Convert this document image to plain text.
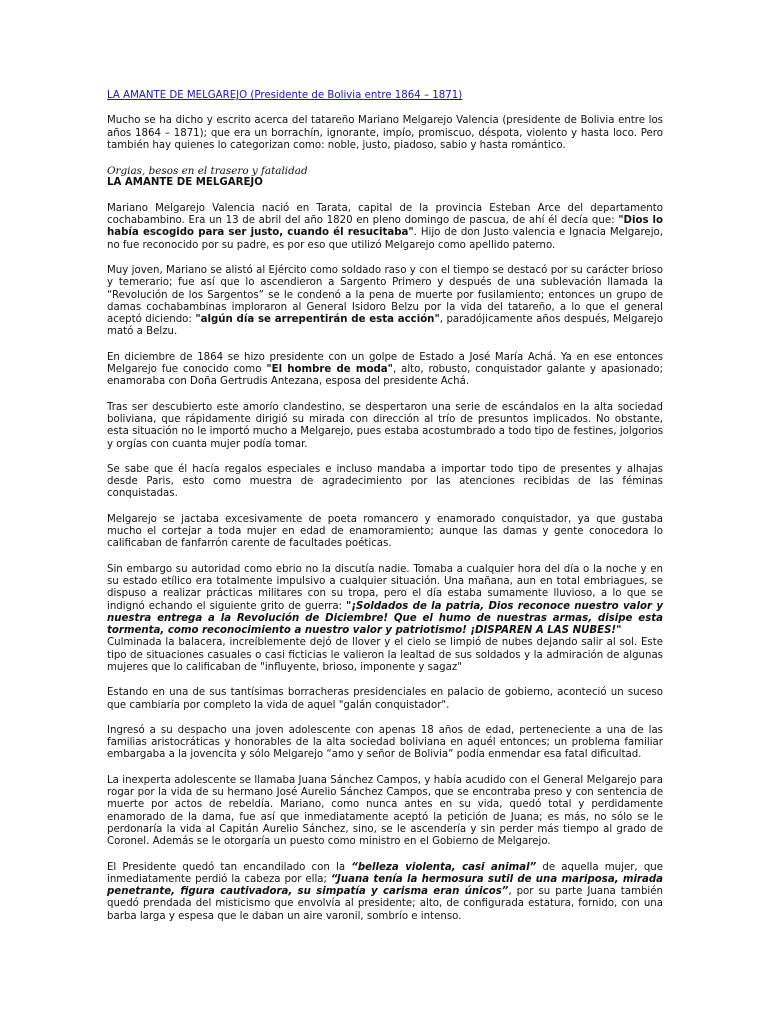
LA AMANTE DE MELGAREJO (Presidente de Bolivia entre 1864 – 1871)

Mucho se ha dicho y escrito acerca del tatareño Mariano Melgarejo Valencia (presidente de Bolivia entre los años 1864 – 1871); que era un borrachín, ignorante, impío, promiscuo, déspota, violento y hasta loco. Pero también hay quienes lo categorizan como: noble, justo, piadoso, sabio y hasta romántico.

Orgias, besos en el trasero y fatalidad
LA AMANTE DE MELGAREJO

Mariano Melgarejo Valencia nació en Tarata, capital de la provincia Esteban Arce del departamento cochabambino. Era un 13 de abril del año 1820 en pleno domingo de pascua, de ahí él decía que: "Dios lo había escogido para ser justo, cuando él resucitaba". Hijo de don Justo valencia e Ignacia Melgarejo, no fue reconocido por su padre, es por eso que utilizó Melgarejo como apellido paterno.

Muy joven, Mariano se alistó al Ejército como soldado raso y con el tiempo se destacó por su carácter brioso y temerario; fue así que lo ascendieron a Sargento Primero y después de una sublevación llamada la “Revolución de los Sargentos” se le condenó a la pena de muerte por fusilamiento; entonces un grupo de damas cochabambinas imploraron al General Isidoro Belzu por la vida del tatareño, a lo que el general aceptó diciendo: "algún día se arrepentirán de esta acción", paradójicamente años después, Melgarejo mató a Belzu.

En diciembre de 1864 se hizo presidente con un golpe de Estado a José María Achá. Ya en ese entonces Melgarejo fue conocido como "El hombre de moda", alto, robusto, conquistador galante y apasionado; enamoraba con Doña Gertrudis Antezana, esposa del presidente Achá.

Tras ser descubierto este amorío clandestino, se despertaron una serie de escándalos en la alta sociedad boliviana, que rápidamente dirigió su mirada con dirección al trío de presuntos implicados. No obstante, esta situación no le importó mucho a Melgarejo, pues estaba acostumbrado a todo tipo de festines, jolgorios y orgías con cuanta mujer podía tomar.

Se sabe que él hacía regalos especiales e incluso mandaba a importar todo tipo de presentes y alhajas desde Paris, esto como muestra de agradecimiento por las atenciones recibidas de las féminas conquistadas.

Melgarejo se jactaba excesivamente de poeta romancero y enamorado conquistador, ya que gustaba mucho el cortejar a toda mujer en edad de enamoramiento; aunque las damas y gente conocedora lo calificaban de fanfarrón carente de facultades poéticas.

Sin embargo su autoridad como ebrio no la discutía nadie. Tomaba a cualquier hora del día o la noche y en su estado etílico era totalmente impulsivo a cualquier situación. Una mañana, aun en total embriagues, se dispuso a realizar prácticas militares con su tropa, pero el día estaba sumamente lluvioso, a lo que se indignó echando el siguiente grito de guerra: "¡Soldados de la patria, Dios reconoce nuestro valor y nuestra entrega a la Revolución de Diciembre! Que el humo de nuestras armas, disipe esta tormenta, como reconocimiento a nuestro valor y patriotismo! ¡DISPAREN A LAS NUBES!"
Culminada la balacera, increíblemente dejó de llover y el cielo se limpió de nubes dejando salir al sol. Este tipo de situaciones casuales o casi ficticias le valieron la lealtad de sus soldados y la admiración de algunas mujeres que lo calificaban de "influyente, brioso, imponente y sagaz"

Estando en una de sus tantísimas borracheras presidenciales en palacio de gobierno, aconteció un suceso que cambiaría por completo la vida de aquel "galán conquistador".

Ingresó a su despacho una joven adolescente con apenas 18 años de edad, perteneciente a una de las familias aristocráticas y honorables de la alta sociedad boliviana en aquél entonces; un problema familiar embargaba a la jovencita y sólo Melgarejo “amo y señor de Bolivia” podía enmendar esa fatal dificultad.

La inexperta adolescente se llamaba Juana Sánchez Campos, y había acudido con el General Melgarejo para rogar por la vida de su hermano José Aurelio Sánchez Campos, que se encontraba preso y con sentencia de muerte por actos de rebeldía. Mariano, como nunca antes en su vida, quedó total y perdidamente enamorado de la dama, fue así que inmediatamente aceptó la petición de Juana; es más, no sólo se le perdonaría la vida al Capitán Aurelio Sánchez, sino, se le ascendería y sin perder más tiempo al grado de Coronel. Además se le otorgaría un puesto como ministro en el Gobierno de Melgarejo.

El Presidente quedó tan encandilado con la “belleza violenta, casi animal” de aquella mujer, que inmediatamente perdió la cabeza por ella; “Juana tenía la hermosura sutil de una mariposa, mirada penetrante, figura cautivadora, su simpatía y carisma eran únicos”, por su parte Juana también quedó prendada del misticismo que envolvía al presidente; alto, de configurada estatura, fornido, con una barba larga y espesa que le daban un aire varonil, sombrío e intenso.
